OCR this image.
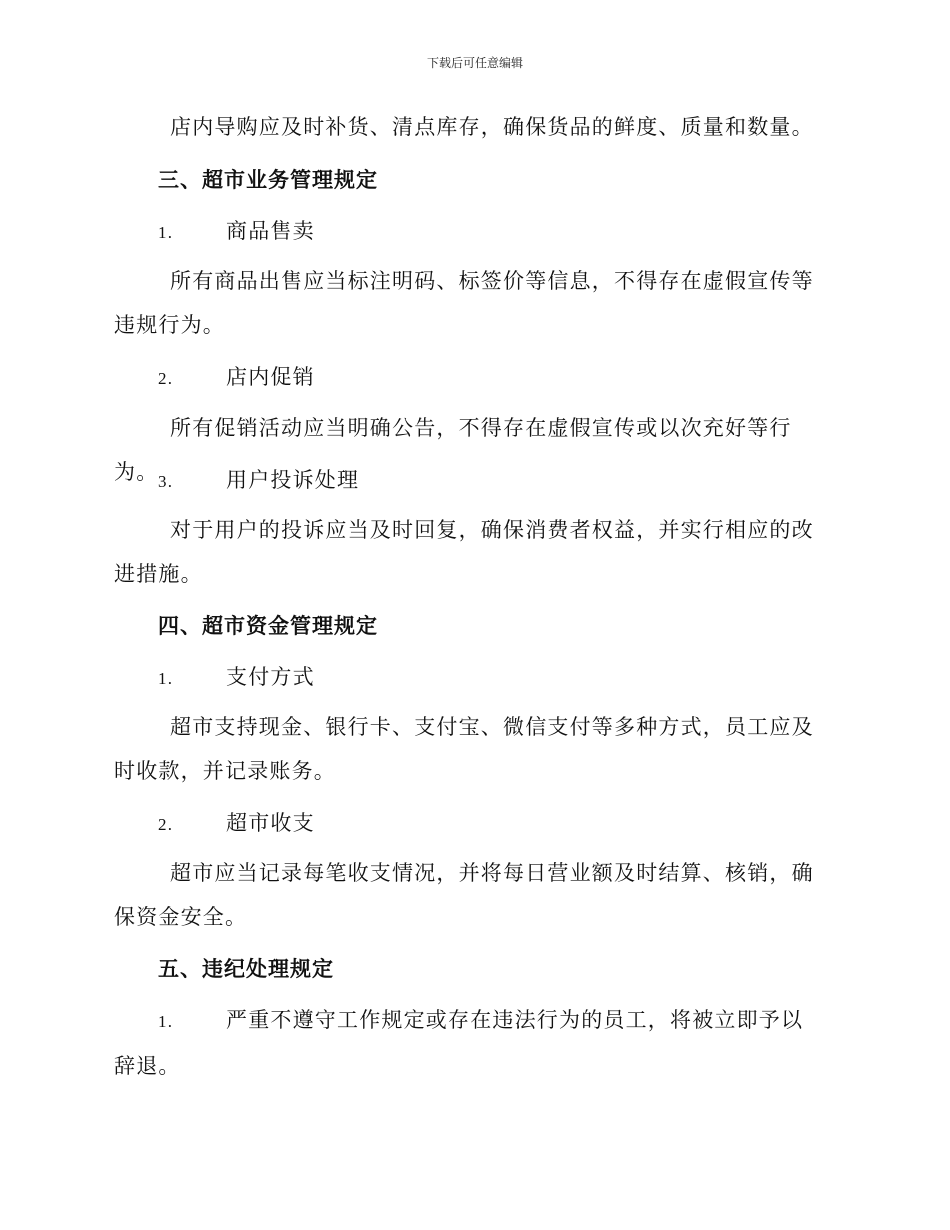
下载后可任意编辑
店内导购应及时补货、清点库存，确保货品的鲜度、质量和数量。
三、超市业务管理规定
1.	商品售卖
所有商品出售应当标注明码、标签价等信息，不得存在虚假宣传等违规行为。
2.	店内促销
所有促销活动应当明确公告，不得存在虚假宣传或以次充好等行为。 3.	用户投诉处理
对于用户的投诉应当及时回复，确保消费者权益，并实行相应的改进措施。
四、超市资金管理规定
1.	支付方式
超市支持现金、银行卡、支付宝、微信支付等多种方式，员工应及时收款，并记录账务。
2.	超市收支
超市应当记录每笔收支情况，并将每日营业额及时结算、核销，确保资金安全。
五、违纪处理规定
1.	严重不遵守工作规定或存在违法行为的员工，将被立即予以辞退。
